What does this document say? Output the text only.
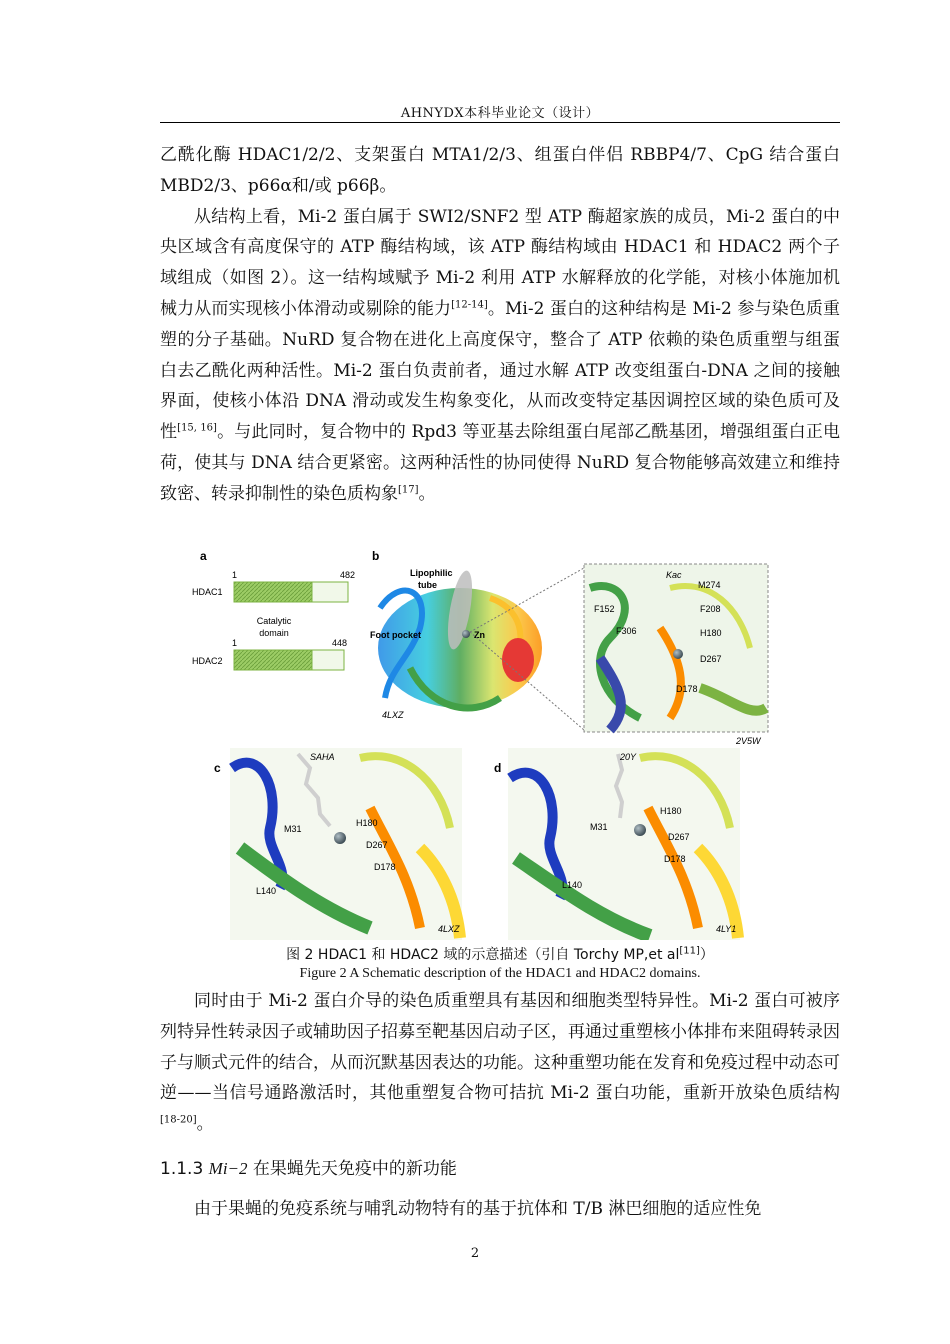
AHNYDX本科毕业论文（设计）

乙酰化酶 HDAC1/2/2、支架蛋白 MTA1/2/3、组蛋白伴侣 RBBP4/7、CpG 结合蛋白 MBD2/3、p66α和/或 p66β。

从结构上看，Mi-2 蛋白属于 SWI2/SNF2 型 ATP 酶超家族的成员，Mi-2 蛋白的中央区域含有高度保守的 ATP 酶结构域，该 ATP 酶结构域由 HDAC1 和 HDAC2 两个子域组成（如图 2）。这一结构域赋予 Mi-2 利用 ATP 水解释放的化学能，对核小体施加机械力从而实现核小体滑动或剔除的能力[12-14]。Mi-2 蛋白的这种结构是 Mi-2 参与染色质重塑的分子基础。NuRD 复合物在进化上高度保守，整合了 ATP 依赖的染色质重塑与组蛋白去乙酰化两种活性。Mi-2 蛋白负责前者，通过水解 ATP 改变组蛋白-DNA 之间的接触界面，使核小体沿 DNA 滑动或发生构象变化，从而改变特定基因调控区域的染色质可及性[15, 16]。与此同时，复合物中的 Rpd3 等亚基去除组蛋白尾部乙酰基团，增强组蛋白正电荷，使其与 DNA 结合更紧密。这两种活性的协同使得 NuRD 复合物能够高效建立和维持致密、转录抑制性的染色质构象[17]。

a
1	482
HDAC1
Catalytic
domain
1	448
HDAC2
b
Lipophilic
tube
Foot pocket	Zn
4LXZ
Kac
M274
F152	F208
F306	H180
D267
D178
2V5W
c
SAHA
M31
H180
D267
D178
L140
4LXZ
d
20Y
M31
H180
D267
D178
L140
4LY1
图 2 HDAC1 和 HDAC2 域的示意描述（引自 Torchy MP,et al[11]）
Figure 2 A Schematic description of the HDAC1 and HDAC2 domains.

同时由于 Mi-2 蛋白介导的染色质重塑具有基因和细胞类型特异性。Mi-2 蛋白可被序列特异性转录因子或辅助因子招募至靶基因启动子区，再通过重塑核小体排布来阻碍转录因子与顺式元件的结合，从而沉默基因表达的功能。这种重塑功能在发育和免疫过程中动态可逆——当信号通路激活时，其他重塑复合物可拮抗 Mi-2 蛋白功能，重新开放染色质结构[18-20]。

1.1.3 Mi−2 在果蝇先天免疫中的新功能

由于果蝇的免疫系统与哺乳动物特有的基于抗体和 T/B 淋巴细胞的适应性免

2
